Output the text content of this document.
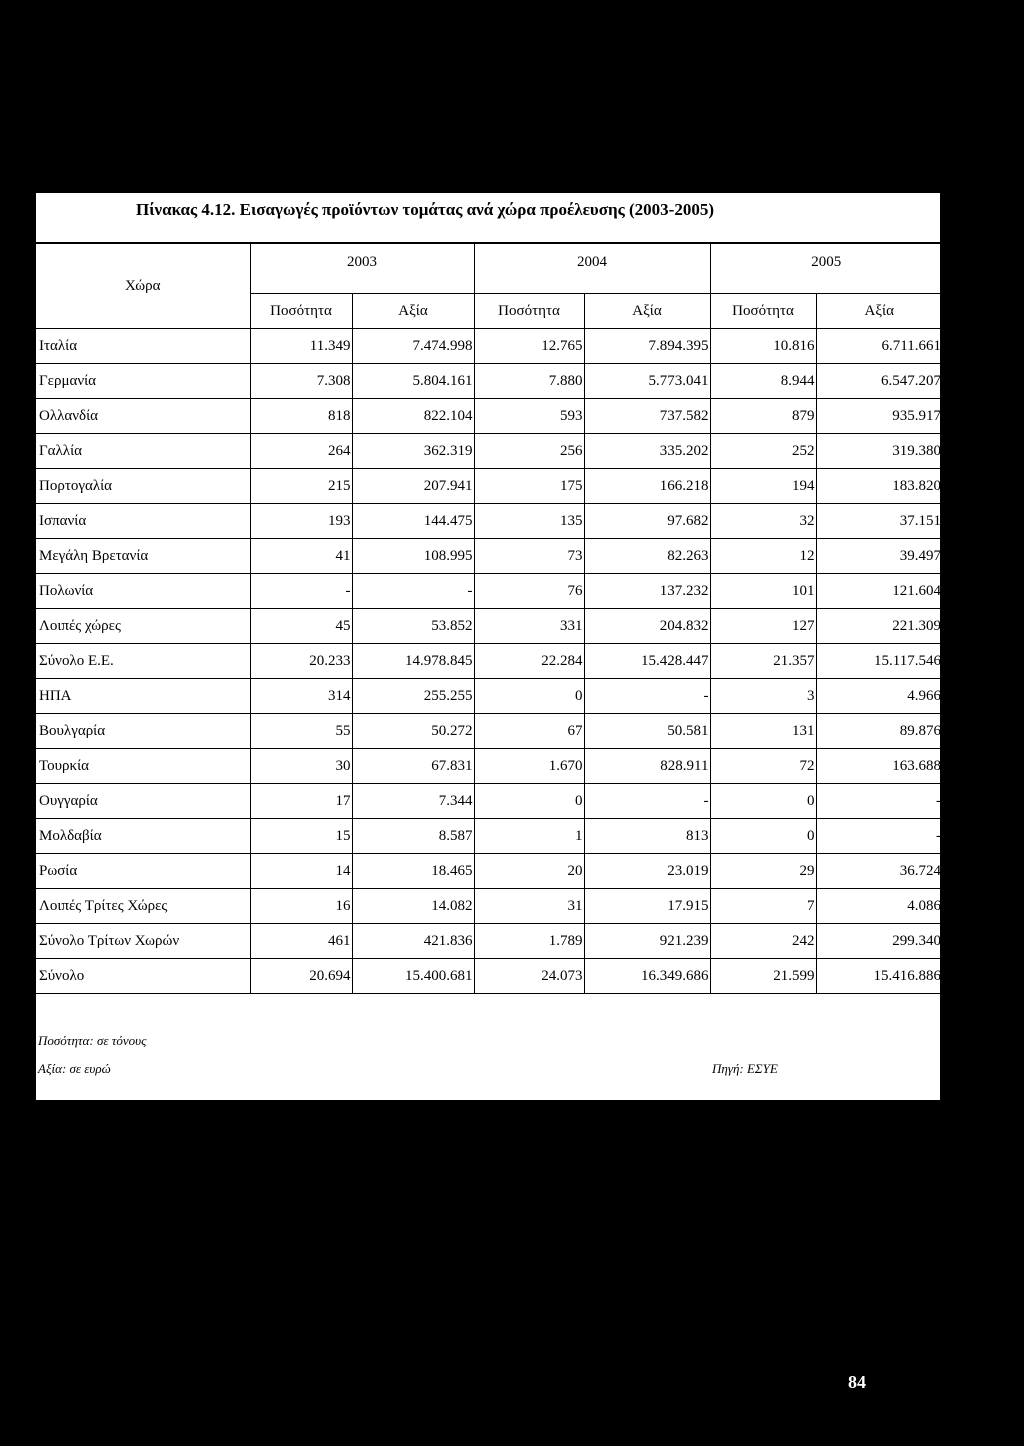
Πίνακας 4.12. Εισαγωγές προϊόντων τομάτας ανά χώρα προέλευσης (2003-2005)
Χώρα	2003		2004		2005	
	Ποσότητα	Αξία	Ποσότητα	Αξία	Ποσότητα	Αξία
Ιταλία	11.349	7.474.998	12.765	7.894.395	10.816	6.711.661
Γερμανία	7.308	5.804.161	7.880	5.773.041	8.944	6.547.207
Ολλανδία	818	822.104	593	737.582	879	935.917
Γαλλία	264	362.319	256	335.202	252	319.380
Πορτογαλία	215	207.941	175	166.218	194	183.820
Ισπανία	193	144.475	135	97.682	32	37.151
Μεγάλη Βρετανία	41	108.995	73	82.263	12	39.497
Πολωνία	-	-	76	137.232	101	121.604
Λοιπές χώρες	45	53.852	331	204.832	127	221.309
Σύνολο Ε.Ε.	20.233	14.978.845	22.284	15.428.447	21.357	15.117.546
ΗΠΑ	314	255.255	0	-	3	4.966
Βουλγαρία	55	50.272	67	50.581	131	89.876
Τουρκία	30	67.831	1.670	828.911	72	163.688
Ουγγαρία	17	7.344	0	-	0	-
Μολδαβία	15	8.587	1	813	0	-
Ρωσία	14	18.465	20	23.019	29	36.724
Λοιπές Τρίτες Χώρες	16	14.082	31	17.915	7	4.086
Σύνολο Τρίτων Χωρών	461	421.836	1.789	921.239	242	299.340
Σύνολο	20.694	15.400.681	24.073	16.349.686	21.599	15.416.886
Ποσότητα: σε τόνους
Αξία: σε ευρώ	Πηγή: ΕΣΥΕ
84
